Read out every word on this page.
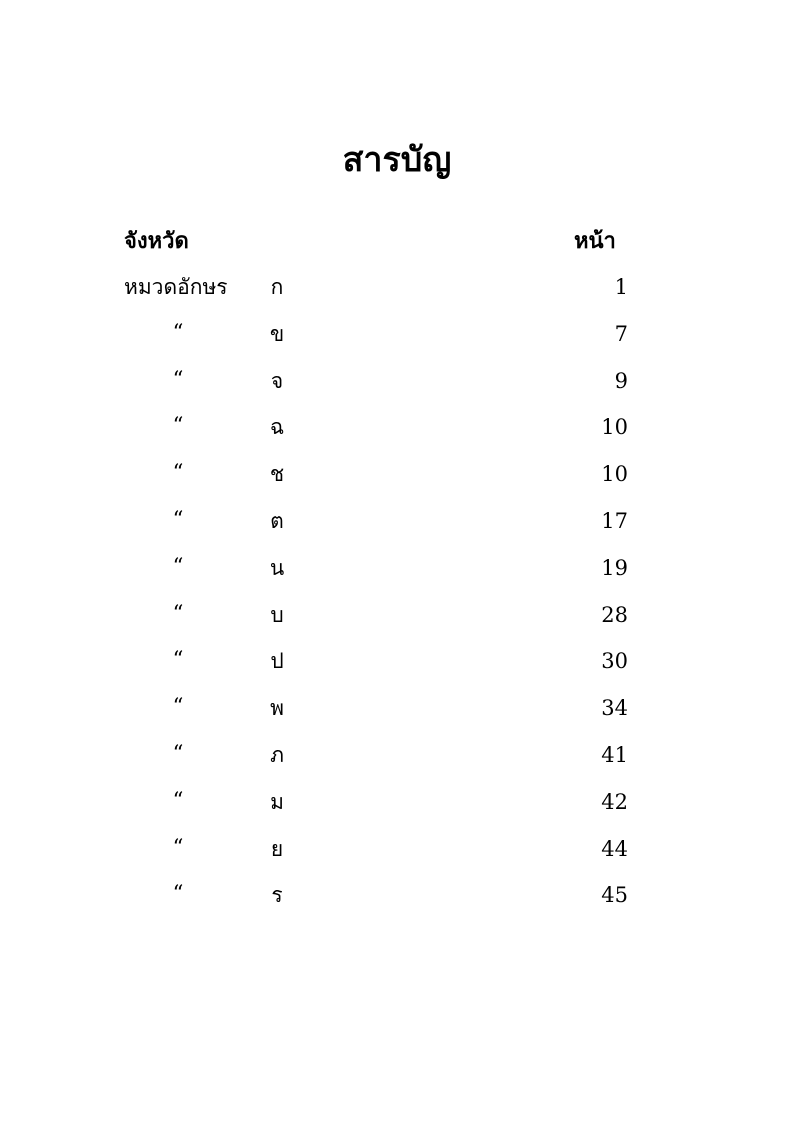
สารบัญ
จังหวัด	หน้า
หมวดอักษร ก	1
“	ข	7
“	จ	9
“	ฉ	10
“	ช	10
“	ต	17
“	น	19
“	บ	28
“	ป	30
“	พ	34
“	ภ	41
“	ม	42
“	ย	44
“	ร	45
